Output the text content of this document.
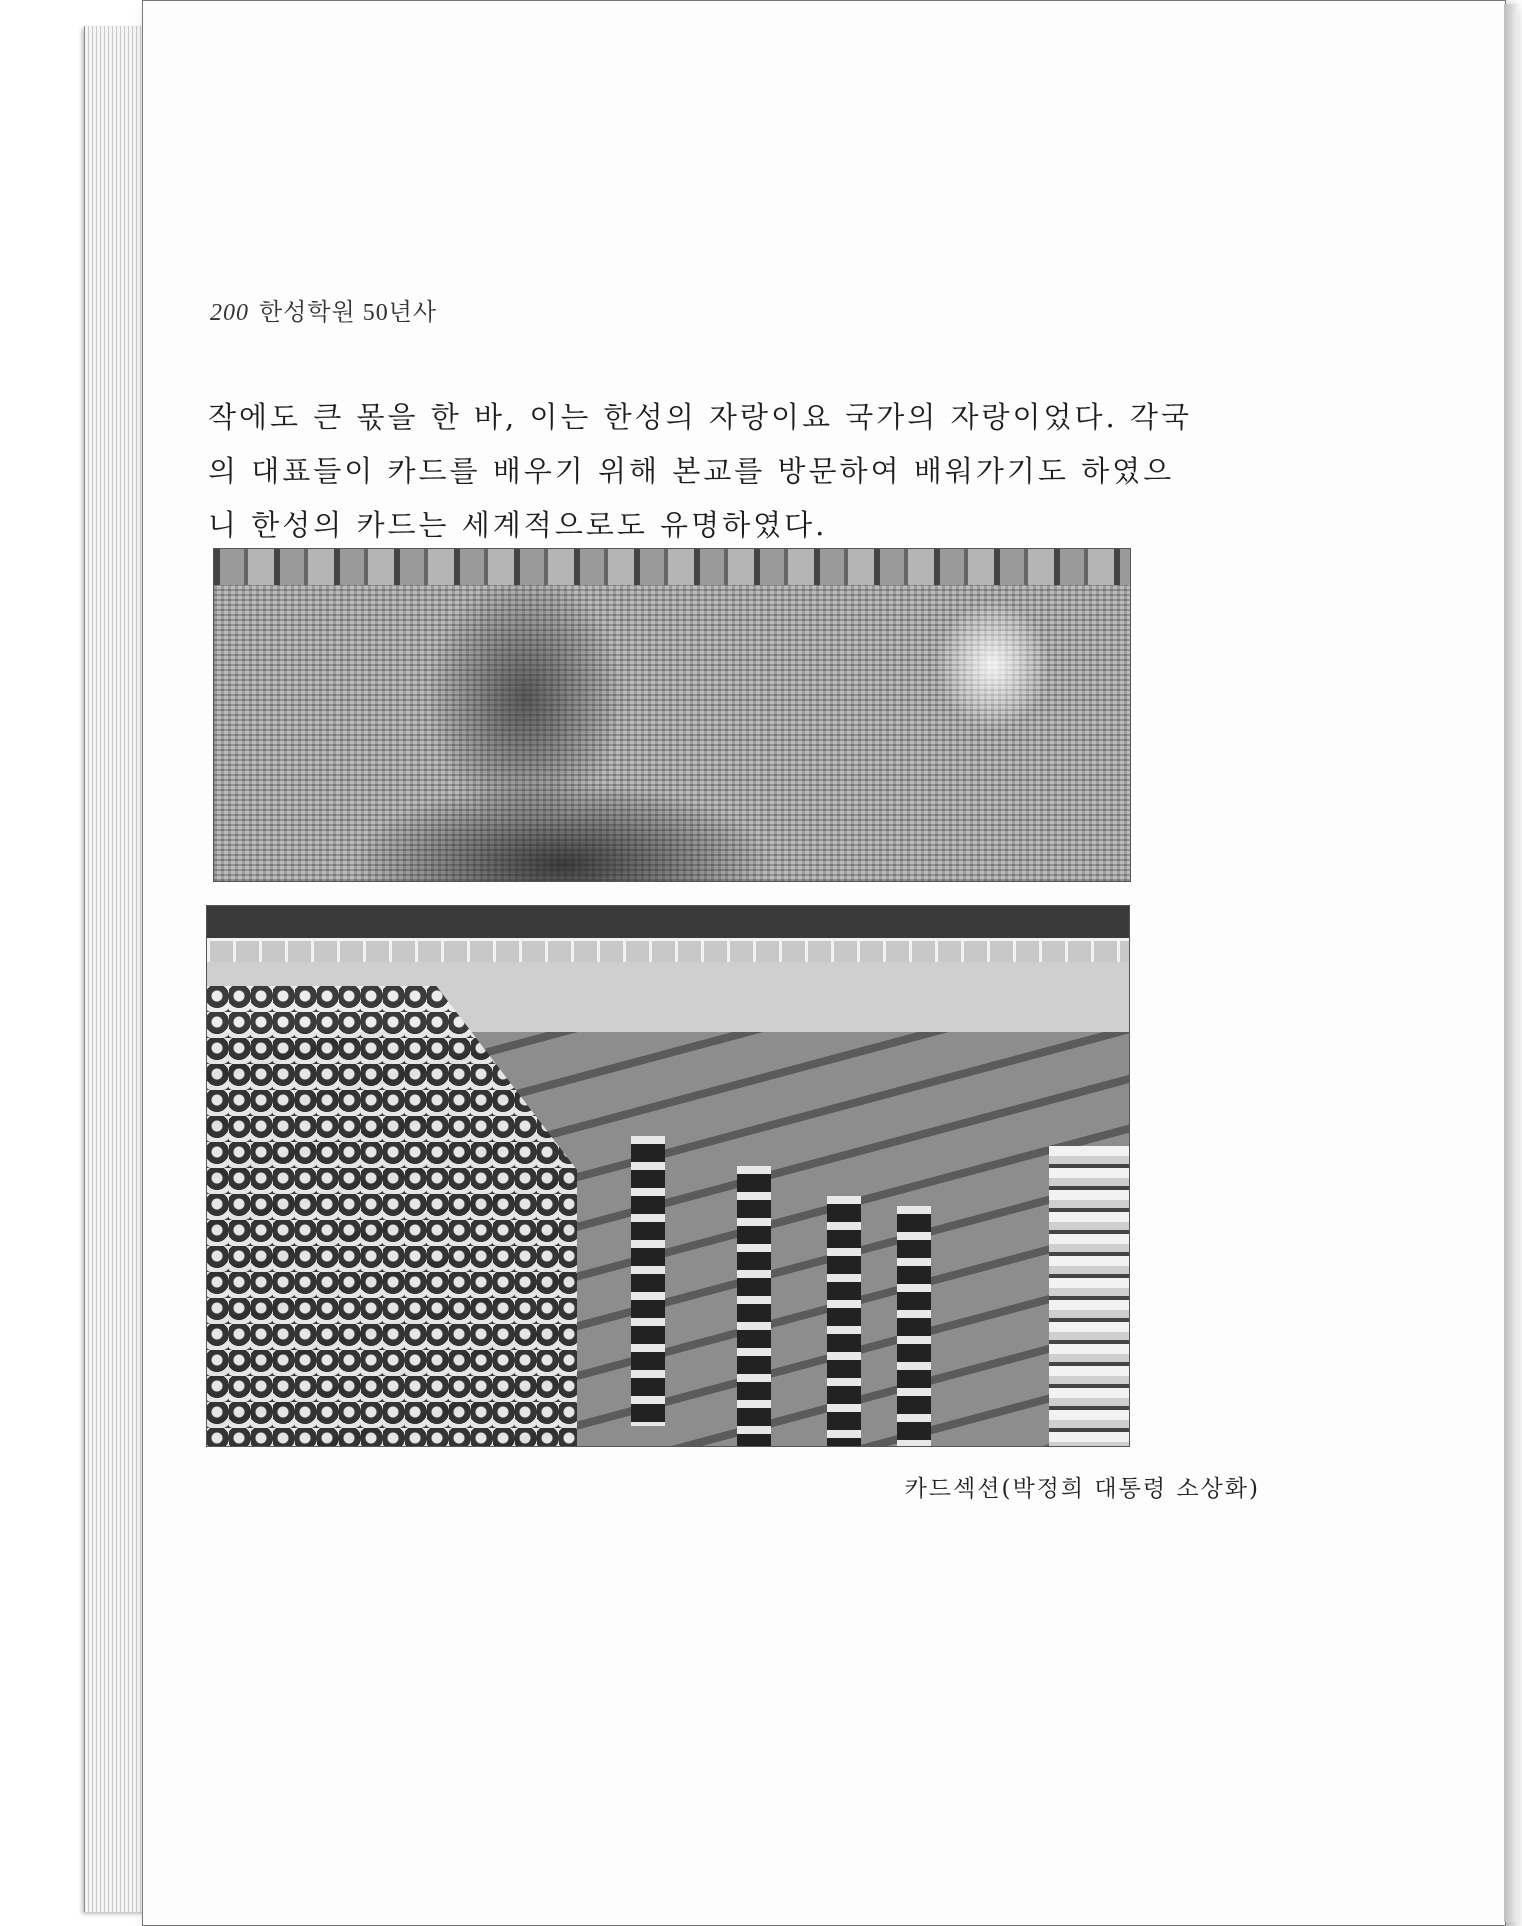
200 한성학원 50년사

작에도 큰 몫을 한 바, 이는 한성의 자랑이요 국가의 자랑이었다. 각국

의 대표들이 카드를 배우기 위해 본교를 방문하여 배워가기도 하였으

니 한성의 카드는 세계적으로도 유명하였다.

카드섹션(박정희 대통령 소상화)
